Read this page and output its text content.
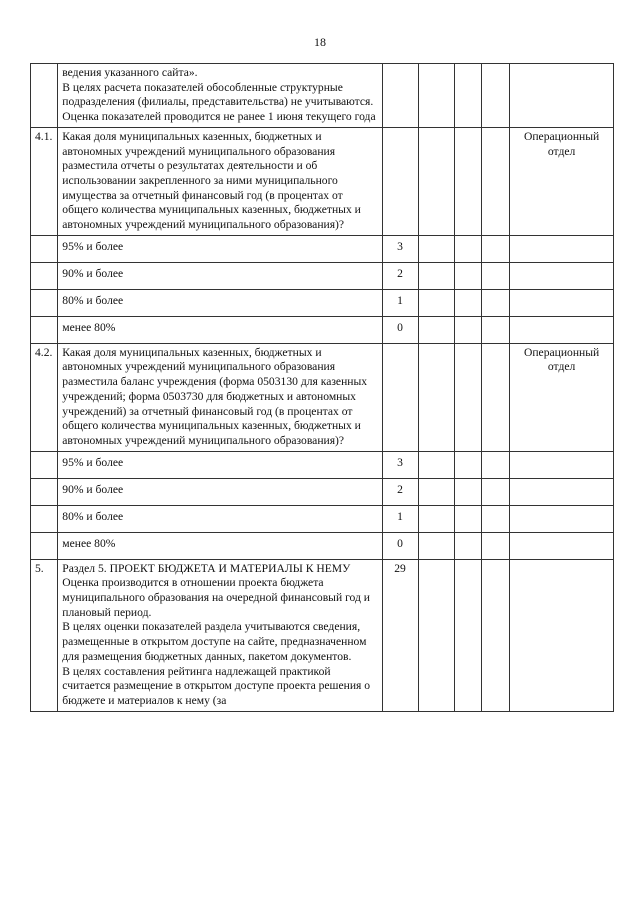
18

	ведения указанного сайта».
В целях расчета показателей обособленные структурные подразделения (филиалы, представительства) не учитываются.
Оценка показателей проводится не ранее 1 июня текущего года					

4.1.	Какая доля муниципальных казенных, бюджетных и автономных учреждений муниципального образования разместила отчеты о результатах деятельности и об использовании закрепленного за ними муниципального имущества за отчетный финансовый год (в процентах от общего количества муниципальных казенных, бюджетных и автономных учреждений муниципального образования)?					Операционный отдел
	95% и более	3				
	90% и более	2				
	80% и более	1				
	менее 80%	0				
4.2.	Какая доля муниципальных казенных, бюджетных и автономных учреждений муниципального образования разместила баланс учреждения (форма 0503130 для казенных учреждений; форма 0503730 для бюджетных и автономных учреждений) за отчетный финансовый год (в процентах от общего количества муниципальных казенных, бюджетных и автономных учреждений муниципального образования)?					Операционный отдел
	95% и более	3				
	90% и более	2				
	80% и более	1				
	менее 80%	0				
5.	Раздел 5. ПРОЕКТ БЮДЖЕТА И МАТЕРИАЛЫ К НЕМУ
Оценка производится в отношении проекта бюджета муниципального образования на очередной финансовый год и плановый период.
В целях оценки показателей раздела учитываются сведения, размещенные в открытом доступе на сайте, предназначенном для размещения бюджетных данных, пакетом документов.
В целях составления рейтинга надлежащей практикой считается размещение в открытом доступе проекта решения о бюджете и материалов к нему (за	29				
